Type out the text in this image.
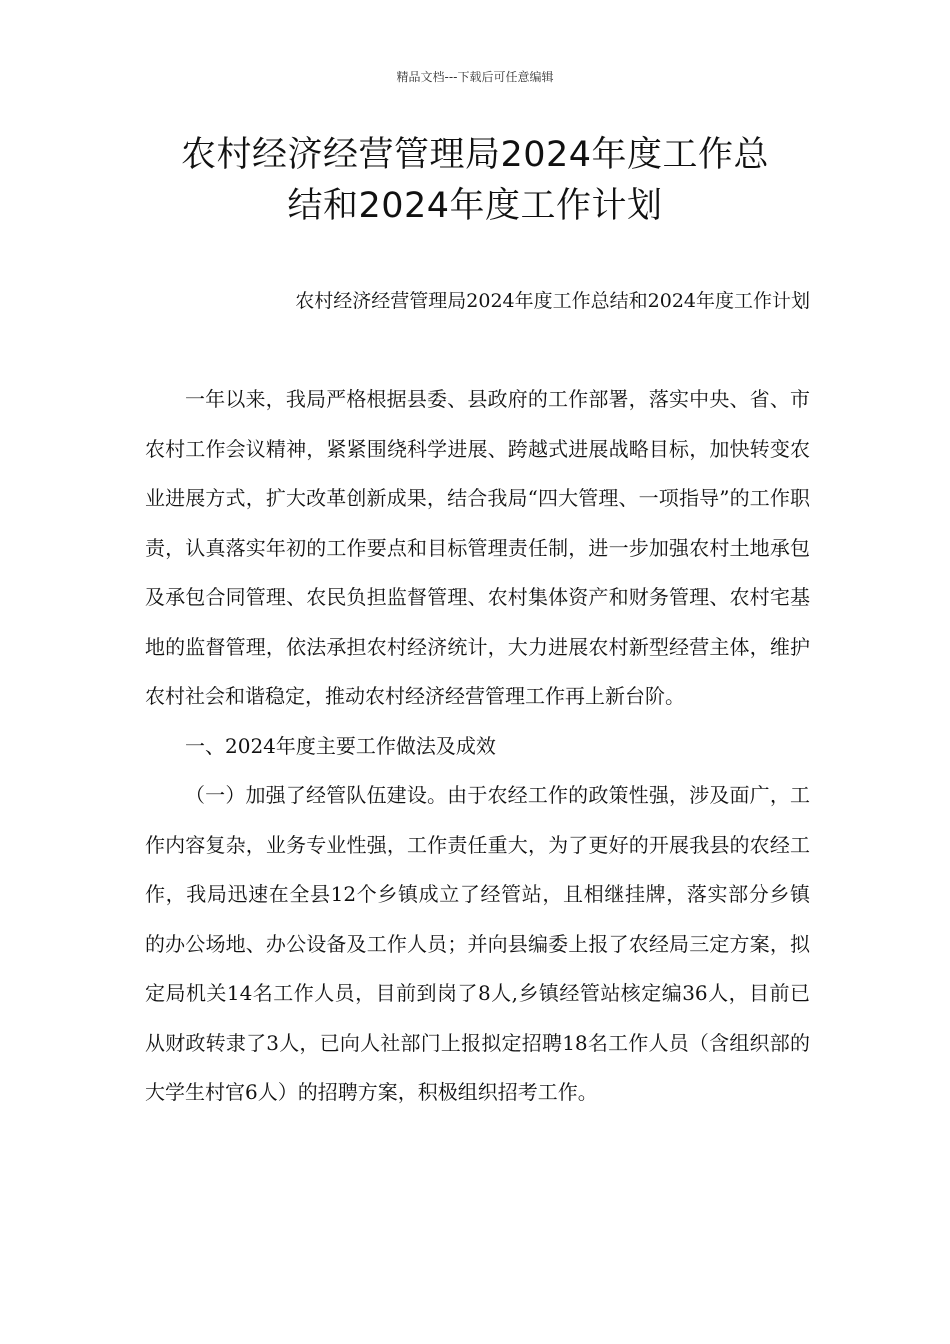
精品文档---下载后可任意编辑
农村经济经营管理局2024年度工作总
结和2024年度工作计划
农村经济经营管理局2024年度工作总结和2024年度工作计划

一年以来，我局严格根据县委、县政府的工作部署，落实中央、省、市农村工作会议精神，紧紧围绕科学进展、跨越式进展战略目标，加快转变农业进展方式，扩大改革创新成果，结合我局“四大管理、一项指导”的工作职责，认真落实年初的工作要点和目标管理责任制，进一步加强农村土地承包及承包合同管理、农民负担监督管理、农村集体资产和财务管理、农村宅基地的监督管理，依法承担农村经济统计，大力进展农村新型经营主体，维护农村社会和谐稳定，推动农村经济经营管理工作再上新台阶。

一、2024年度主要工作做法及成效

（一）加强了经管队伍建设。由于农经工作的政策性强，涉及面广，工作内容复杂，业务专业性强，工作责任重大，为了更好的开展我县的农经工作，我局迅速在全县12个乡镇成立了经管站，且相继挂牌，落实部分乡镇的办公场地、办公设备及工作人员；并向县编委上报了农经局三定方案，拟定局机关14名工作人员，目前到岗了8人,乡镇经管站核定编36人，目前已从财政转隶了3人，已向人社部门上报拟定招聘18名工作人员（含组织部的大学生村官6人）的招聘方案，积极组织招考工作。
